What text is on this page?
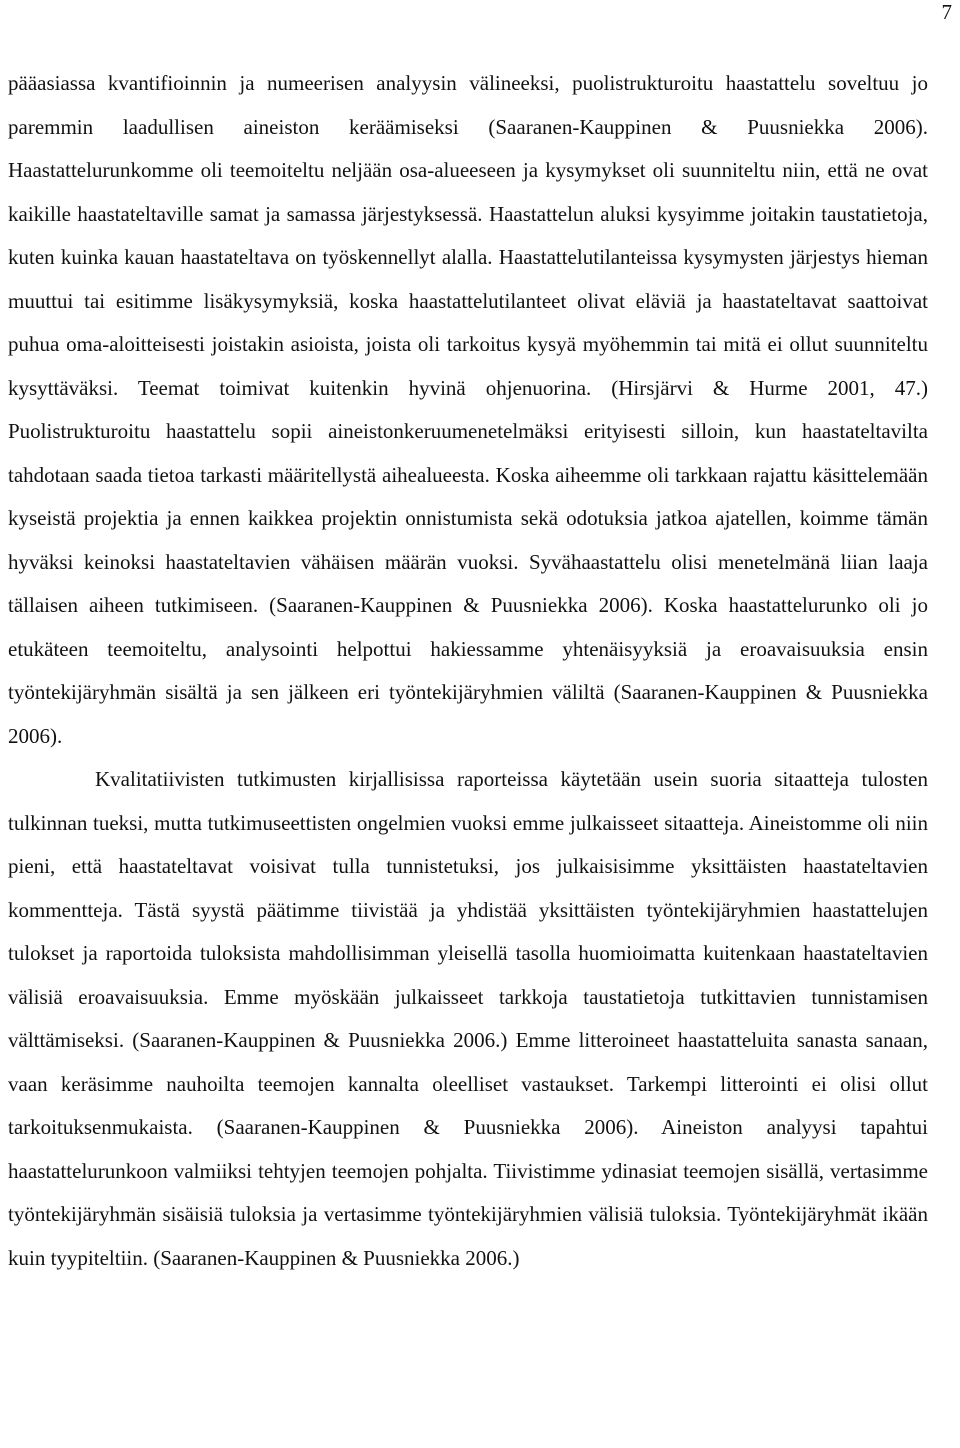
7

pääasiassa kvantifioinnin ja numeerisen analyysin välineeksi, puolistrukturoitu haastattelu soveltuu jo paremmin laadullisen aineiston keräämiseksi (Saaranen-Kauppinen & Puusniekka 2006). Haastattelurunkomme oli teemoiteltu neljään osa-alueeseen ja kysymykset oli suunniteltu niin, että ne ovat kaikille haastateltaville samat ja samassa järjestyksessä. Haastattelun aluksi kysyimme joitakin taustatietoja, kuten kuinka kauan haastateltava on työskennellyt alalla. Haastattelutilanteissa kysymysten järjestys hieman muuttui tai esitimme lisäkysymyksiä, koska haastattelutilanteet olivat eläviä ja haastateltavat saattoivat puhua oma-aloitteisesti joistakin asioista, joista oli tarkoitus kysyä myöhemmin tai mitä ei ollut suunniteltu kysyttäväksi. Teemat toimivat kuitenkin hyvinä ohjenuorina. (Hirsjärvi & Hurme 2001, 47.) Puolistrukturoitu haastattelu sopii aineistonkeruumenetelmäksi erityisesti silloin, kun haastateltavilta tahdotaan saada tietoa tarkasti määritellystä aihealueesta. Koska aiheemme oli tarkkaan rajattu käsittelemään kyseistä projektia ja ennen kaikkea projektin onnistumista sekä odotuksia jatkoa ajatellen, koimme tämän hyväksi keinoksi haastateltavien vähäisen määrän vuoksi. Syvähaastattelu olisi menetelmänä liian laaja tällaisen aiheen tutkimiseen. (Saaranen-Kauppinen & Puusniekka 2006). Koska haastattelurunko oli jo etukäteen teemoiteltu, analysointi helpottui hakiessamme yhtenäisyyksiä ja eroavaisuuksia ensin työntekijäryhmän sisältä ja sen jälkeen eri työntekijäryhmien väliltä (Saaranen-Kauppinen & Puusniekka 2006).

Kvalitatiivisten tutkimusten kirjallisissa raporteissa käytetään usein suoria sitaatteja tulosten tulkinnan tueksi, mutta tutkimuseettisten ongelmien vuoksi emme julkaisseet sitaatteja. Aineistomme oli niin pieni, että haastateltavat voisivat tulla tunnistetuksi, jos julkaisisimme yksittäisten haastateltavien kommentteja. Tästä syystä päätimme tiivistää ja yhdistää yksittäisten työntekijäryhmien haastattelujen tulokset ja raportoida tuloksista mahdollisimman yleisellä tasolla huomioimatta kuitenkaan haastateltavien välisiä eroavaisuuksia. Emme myöskään julkaisseet tarkkoja taustatietoja tutkittavien tunnistamisen välttämiseksi. (Saaranen-Kauppinen & Puusniekka 2006.) Emme litteroineet haastatteluita sanasta sanaan, vaan keräsimme nauhoilta teemojen kannalta oleelliset vastaukset. Tarkempi litterointi ei olisi ollut tarkoituksenmukaista. (Saaranen-Kauppinen & Puusniekka 2006). Aineiston analyysi tapahtui haastattelurunkoon valmiiksi tehtyjen teemojen pohjalta. Tiivistimme ydinasiat teemojen sisällä, vertasimme työntekijäryhmän sisäisiä tuloksia ja vertasimme työntekijäryhmien välisiä tuloksia. Työntekijäryhmät ikään kuin tyypiteltiin. (Saaranen-Kauppinen & Puusniekka 2006.)
